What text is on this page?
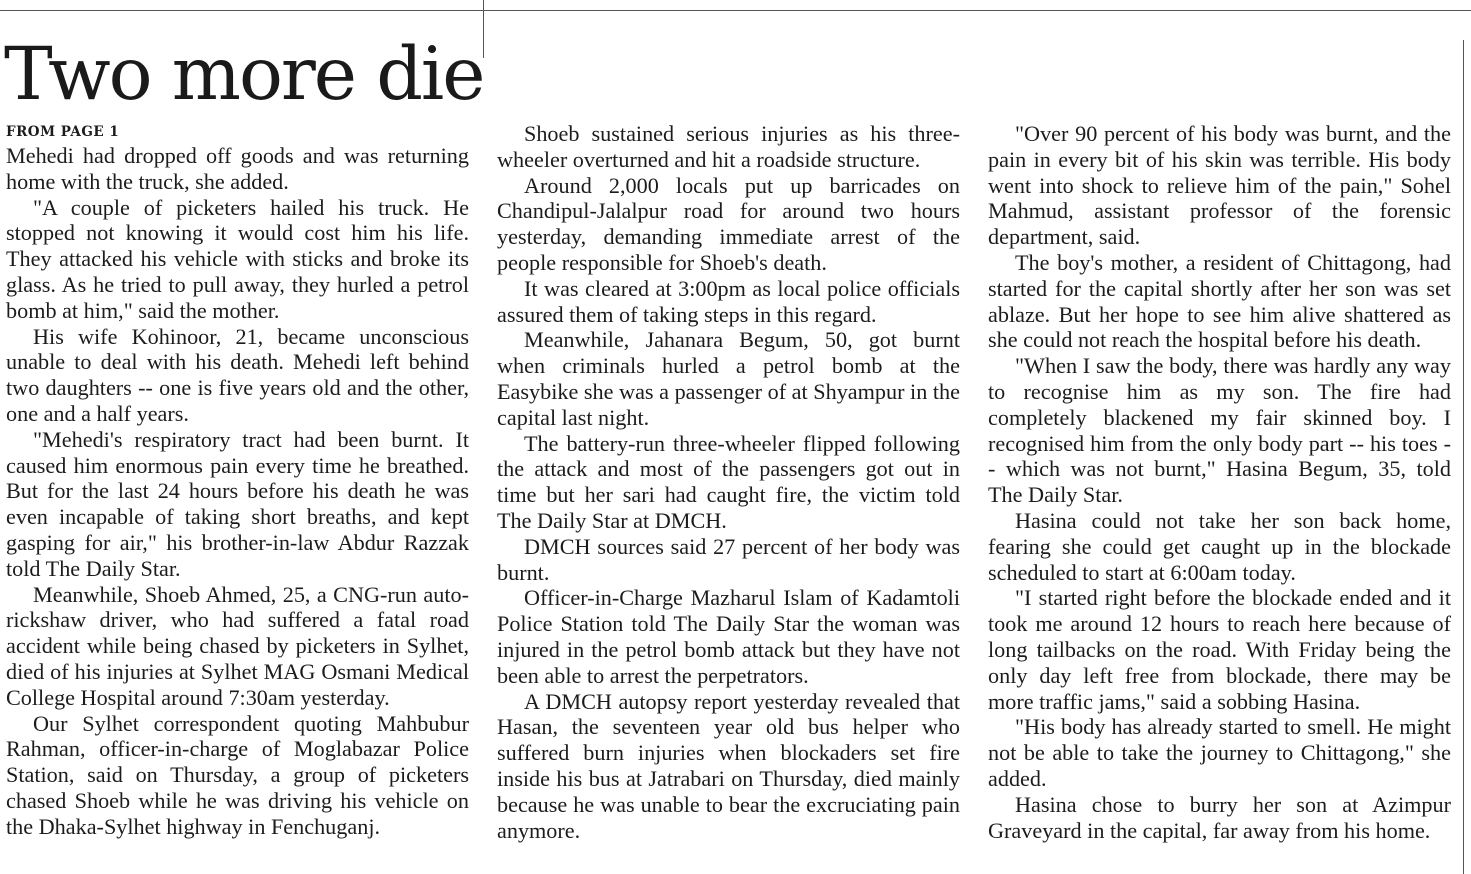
Two more die
FROM PAGE 1

Mehedi had dropped off goods and was returning home with the truck, she added.

"A couple of picketers hailed his truck. He stopped not knowing it would cost him his life. They attacked his vehicle with sticks and broke its glass. As he tried to pull away, they hurled a petrol bomb at him," said the mother.

His wife Kohinoor, 21, became unconscious unable to deal with his death. Mehedi left behind two daughters -- one is five years old and the other, one and a half years.

"Mehedi's respiratory tract had been burnt. It caused him enormous pain every time he breathed. But for the last 24 hours before his death he was even incapable of taking short breaths, and kept gasping for air," his brother-in-law Abdur Razzak told The Daily Star.

Meanwhile, Shoeb Ahmed, 25, a CNG-run auto-rickshaw driver, who had suffered a fatal road accident while being chased by picketers in Sylhet, died of his injuries at Sylhet MAG Osmani Medical College Hospital around 7:30am yesterday.

Our Sylhet correspondent quoting Mahbubur Rahman, officer-in-charge of Moglabazar Police Station, said on Thursday, a group of picketers chased Shoeb while he was driving his vehicle on the Dhaka-Sylhet highway in Fenchuganj.

Shoeb sustained serious injuries as his three-wheeler overturned and hit a roadside structure.

Around 2,000 locals put up barricades on Chandipul-Jalalpur road for around two hours yesterday, demanding immediate arrest of the people responsible for Shoeb's death.

It was cleared at 3:00pm as local police officials assured them of taking steps in this regard.

Meanwhile, Jahanara Begum, 50, got burnt when criminals hurled a petrol bomb at the Easybike she was a passenger of at Shyampur in the capital last night.

The battery-run three-wheeler flipped following the attack and most of the passengers got out in time but her sari had caught fire, the victim told The Daily Star at DMCH.

DMCH sources said 27 percent of her body was burnt.

Officer-in-Charge Mazharul Islam of Kadamtoli Police Station told The Daily Star the woman was injured in the petrol bomb attack but they have not been able to arrest the perpetrators.

A DMCH autopsy report yesterday revealed that Hasan, the seventeen year old bus helper who suffered burn injuries when blockaders set fire inside his bus at Jatrabari on Thursday, died mainly because he was unable to bear the excruciating pain anymore.

"Over 90 percent of his body was burnt, and the pain in every bit of his skin was terrible. His body went into shock to relieve him of the pain," Sohel Mahmud, assistant professor of the forensic department, said.

The boy's mother, a resident of Chittagong, had started for the capital shortly after her son was set ablaze. But her hope to see him alive shattered as she could not reach the hospital before his death.

"When I saw the body, there was hardly any way to recognise him as my son. The fire had completely blackened my fair skinned boy. I recognised him from the only body part -- his toes -- which was not burnt," Hasina Begum, 35, told The Daily Star.

Hasina could not take her son back home, fearing she could get caught up in the blockade scheduled to start at 6:00am today.

"I started right before the blockade ended and it took me around 12 hours to reach here because of long tailbacks on the road. With Friday being the only day left free from blockade, there may be more traffic jams," said a sobbing Hasina.

"His body has already started to smell. He might not be able to take the journey to Chittagong," she added.

Hasina chose to burry her son at Azimpur Graveyard in the capital, far away from his home.
